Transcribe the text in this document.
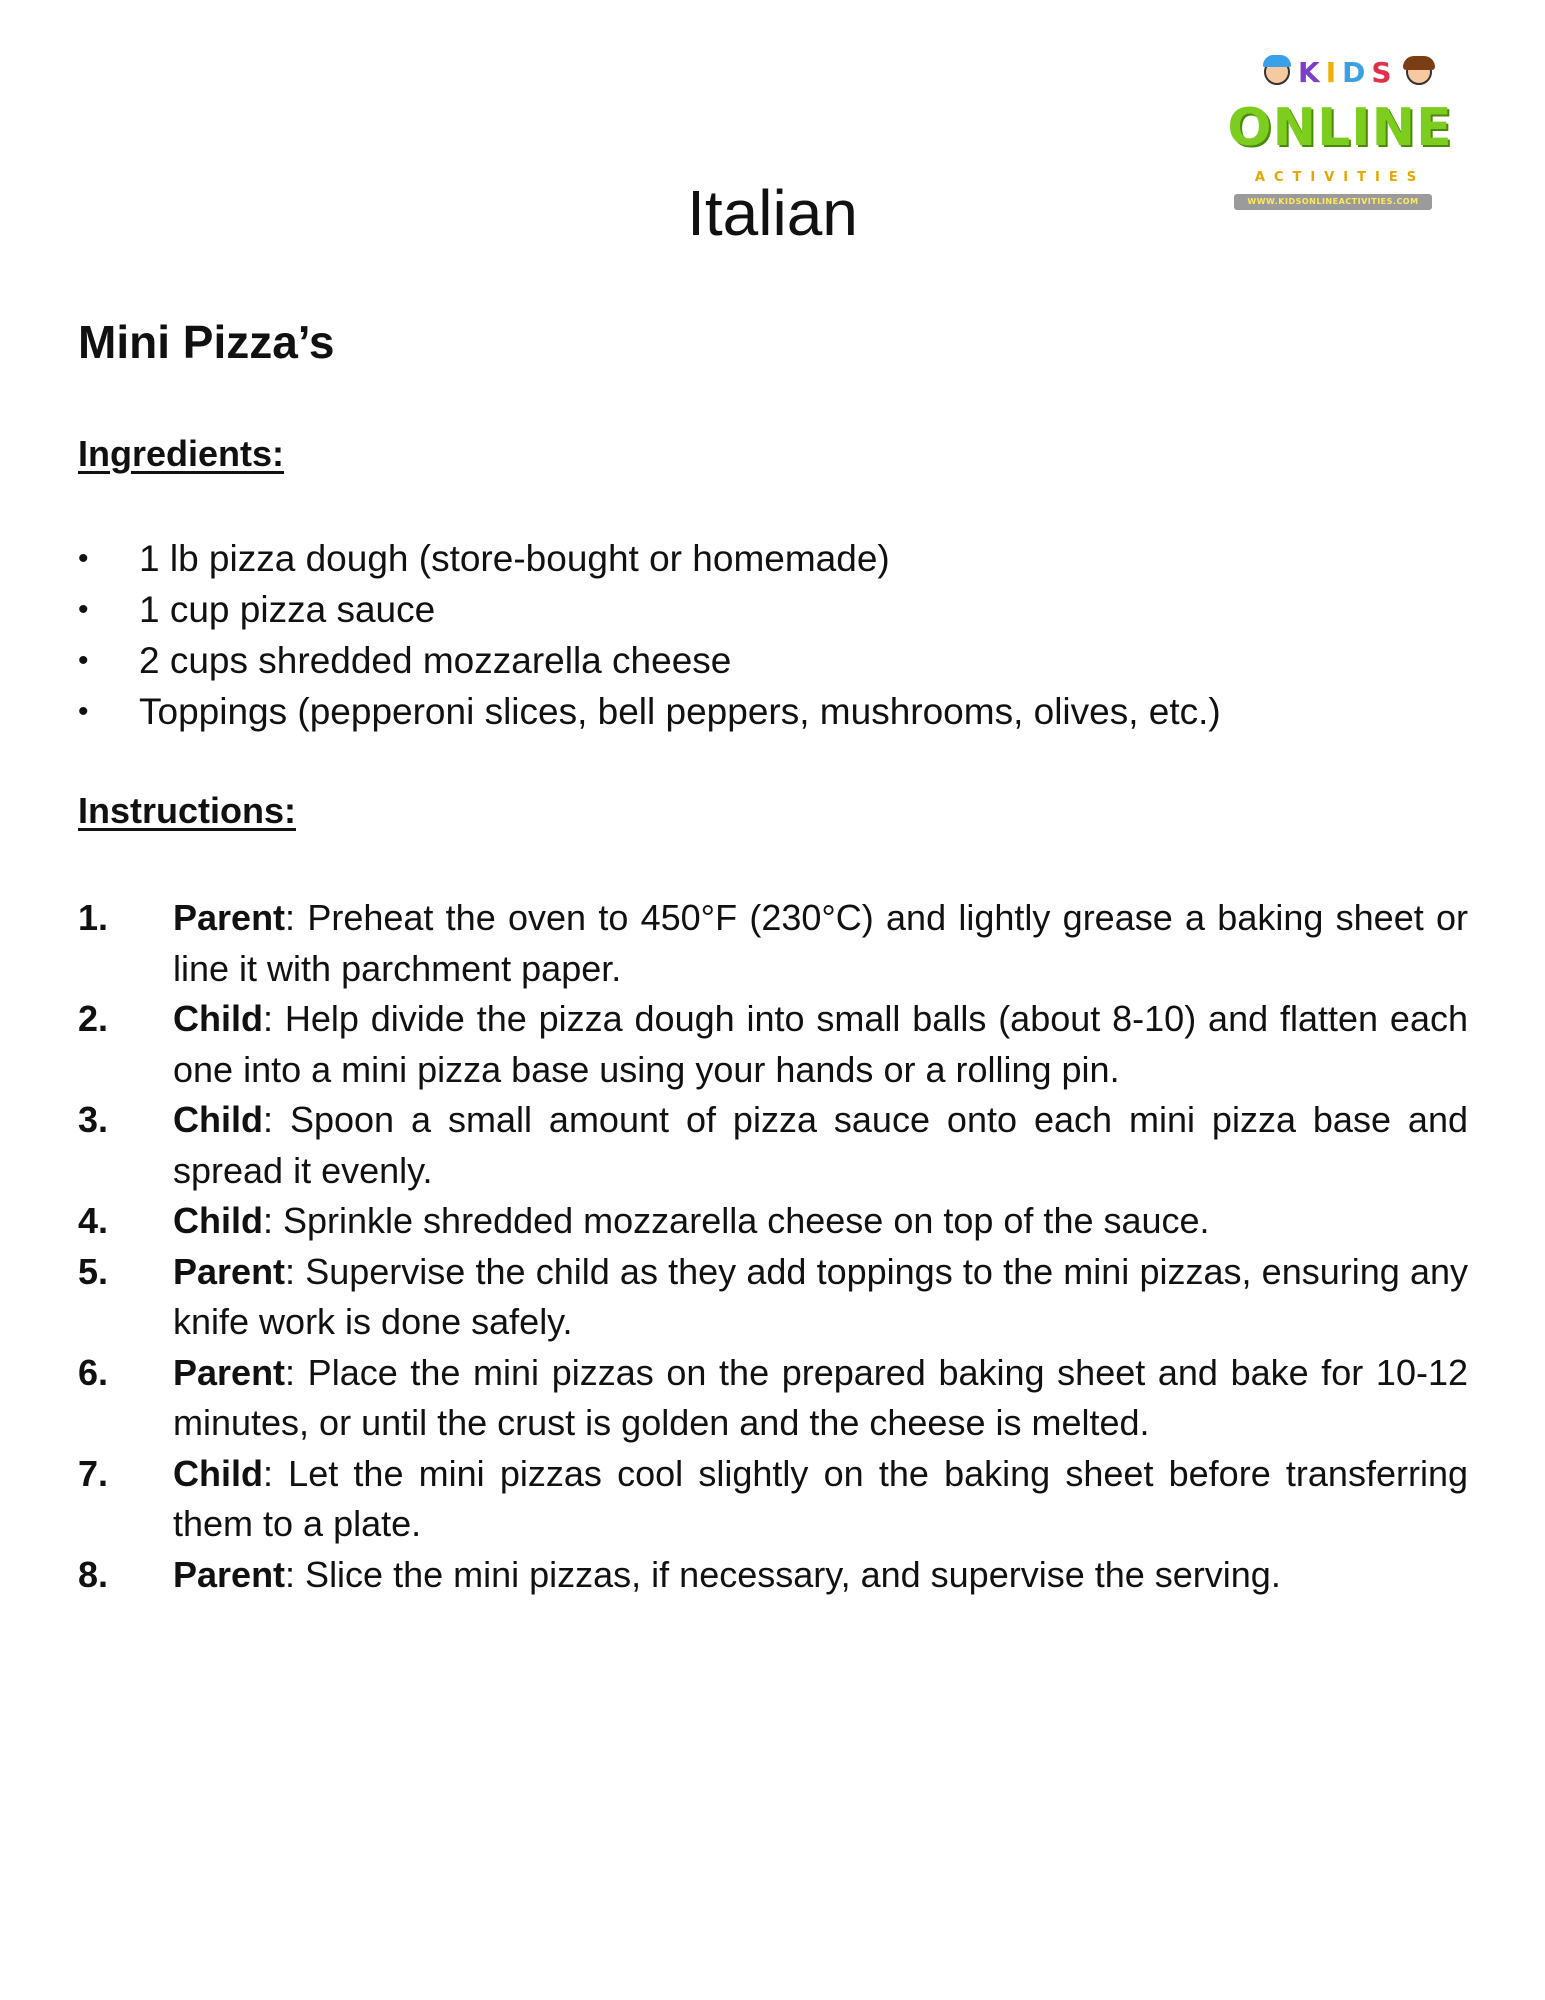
KIDS
ONLINE
ACTIVITIES
WWW.KIDSONLINEACTIVITIES.COM
Italian
Mini Pizza’s
Ingredients:
• 1 lb pizza dough (store-bought or homemade)
• 1 cup pizza sauce
• 2 cups shredded mozzarella cheese
• Toppings (pepperoni slices, bell peppers, mushrooms, olives, etc.)
Instructions:
1. Parent: Preheat the oven to 450°F (230°C) and lightly grease a baking sheet or line it with parchment paper.
2. Child: Help divide the pizza dough into small balls (about 8-10) and flatten each one into a mini pizza base using your hands or a rolling pin.
3. Child: Spoon a small amount of pizza sauce onto each mini pizza base and spread it evenly.
4. Child: Sprinkle shredded mozzarella cheese on top of the sauce.
5. Parent: Supervise the child as they add toppings to the mini pizzas, ensuring any knife work is done safely.
6. Parent: Place the mini pizzas on the prepared baking sheet and bake for 10-12 minutes, or until the crust is golden and the cheese is melted.
7. Child: Let the mini pizzas cool slightly on the baking sheet before transferring them to a plate.
8. Parent: Slice the mini pizzas, if necessary, and supervise the serving.
